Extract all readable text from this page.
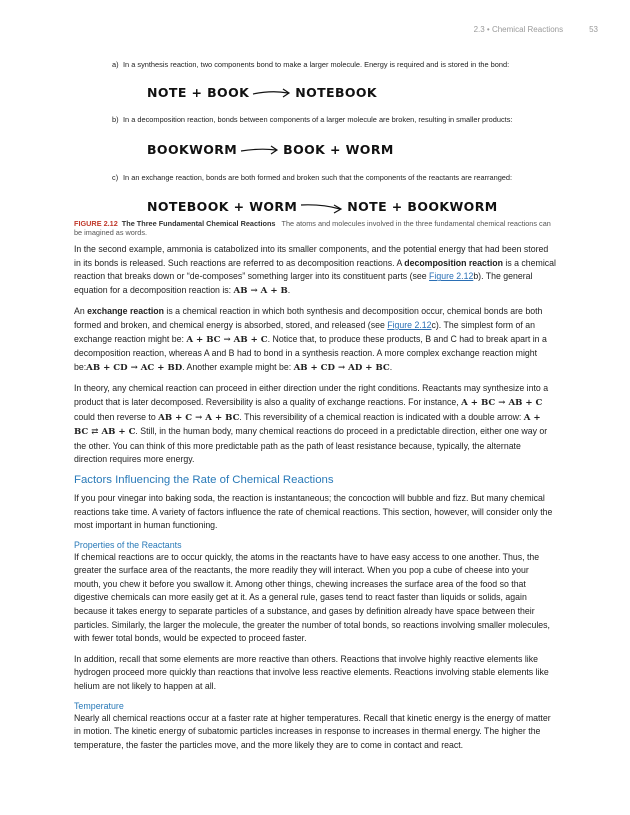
2.3 • Chemical Reactions	53
a) In a synthesis reaction, two components bond to make a larger molecule. Energy is required and is stored in the bond:
NOTE + BOOK	NOTEBOOK
b) In a decomposition reaction, bonds between components of a larger molecule are broken, resulting in smaller products:
BOOKWORM	BOOK + WORM
c) In an exchange reaction, bonds are both formed and broken such that the components of the reactants are rearranged:
NOTEBOOK + WORM	NOTE + BOOKWORM
FIGURE 2.12 The Three Fundamental Chemical Reactions The atoms and molecules involved in the three fundamental chemical reactions can be imagined as words.

In the second example, ammonia is catabolized into its smaller components, and the potential energy that had been stored in its bonds is released. Such reactions are referred to as decomposition reactions. A decomposition reaction is a chemical reaction that breaks down or “de-composes” something larger into its constituent parts (see Figure 2.12b). The general equation for a decomposition reaction is: AB → A + B.

An exchange reaction is a chemical reaction in which both synthesis and decomposition occur, chemical bonds are both formed and broken, and chemical energy is absorbed, stored, and released (see Figure 2.12c). The simplest form of an exchange reaction might be: A + BC → AB + C. Notice that, to produce these products, B and C had to break apart in a decomposition reaction, whereas A and B had to bond in a synthesis reaction. A more complex exchange reaction might be:AB + CD → AC + BD. Another example might be: AB + CD → AD + BC.

In theory, any chemical reaction can proceed in either direction under the right conditions. Reactants may synthesize into a product that is later decomposed. Reversibility is also a quality of exchange reactions. For instance, A + BC → AB + C could then reverse to AB + C → A + BC. This reversibility of a chemical reaction is indicated with a double arrow: A + BC ⇄ AB + C. Still, in the human body, many chemical reactions do proceed in a predictable direction, either one way or the other. You can think of this more predictable path as the path of least resistance because, typically, the alternate direction requires more energy.

Factors Influencing the Rate of Chemical Reactions

If you pour vinegar into baking soda, the reaction is instantaneous; the concoction will bubble and fizz. But many chemical reactions take time. A variety of factors influence the rate of chemical reactions. This section, however, will consider only the most important in human functioning.

Properties of the Reactants

If chemical reactions are to occur quickly, the atoms in the reactants have to have easy access to one another. Thus, the greater the surface area of the reactants, the more readily they will interact. When you pop a cube of cheese into your mouth, you chew it before you swallow it. Among other things, chewing increases the surface area of the food so that digestive chemicals can more easily get at it. As a general rule, gases tend to react faster than liquids or solids, again because it takes energy to separate particles of a substance, and gases by definition already have space between their particles. Similarly, the larger the molecule, the greater the number of total bonds, so reactions involving smaller molecules, with fewer total bonds, would be expected to proceed faster.

In addition, recall that some elements are more reactive than others. Reactions that involve highly reactive elements like hydrogen proceed more quickly than reactions that involve less reactive elements. Reactions involving stable elements like helium are not likely to happen at all.

Temperature

Nearly all chemical reactions occur at a faster rate at higher temperatures. Recall that kinetic energy is the energy of matter in motion. The kinetic energy of subatomic particles increases in response to increases in thermal energy. The higher the temperature, the faster the particles move, and the more likely they are to come in contact and react.
